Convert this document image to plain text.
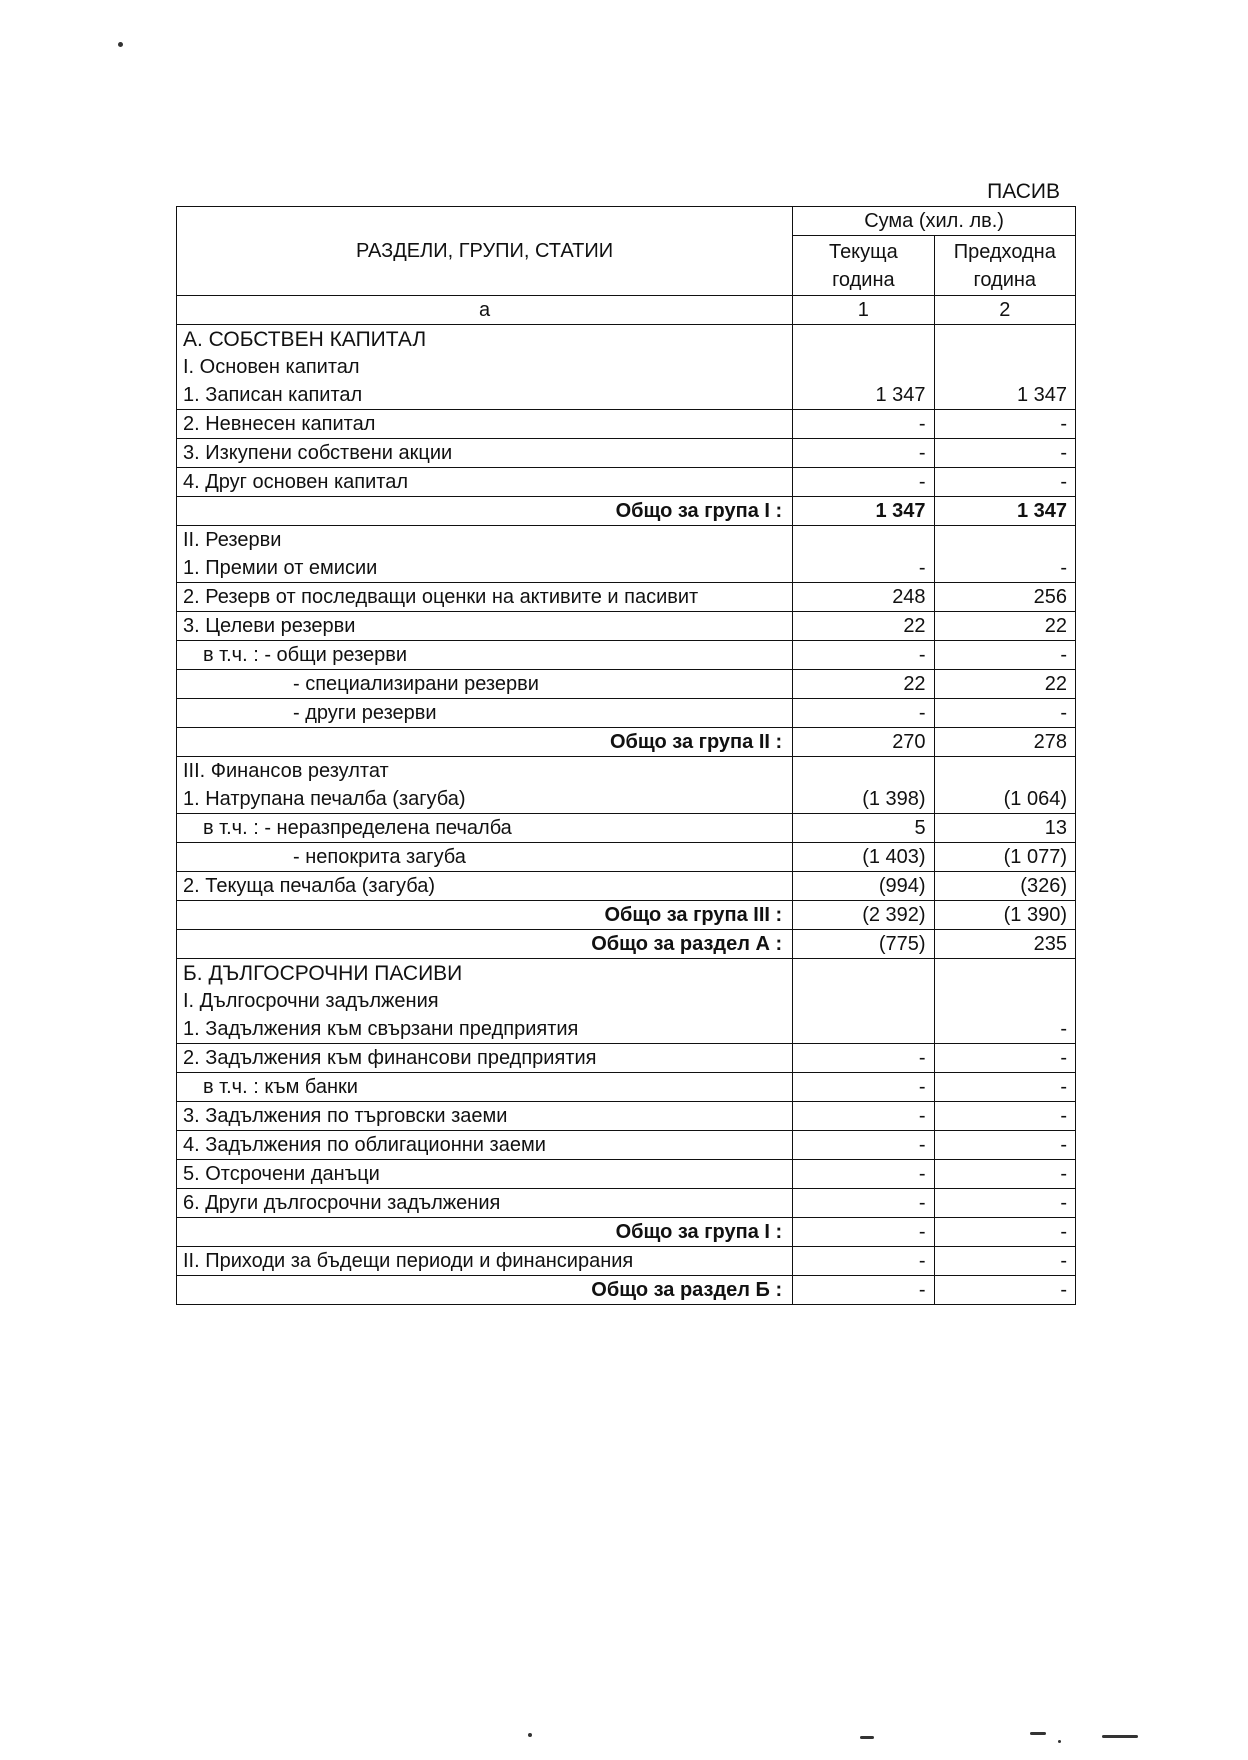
ПАСИВ
РАЗДЕЛИ, ГРУПИ, СТАТИИ	Сума (хил. лв.)	
	Текуща година	Предходна година
а	1	2
А. СОБСТВЕН КАПИТАЛ		
I. Основен капитал		
1. Записан капитал	1 347	1 347
2. Невнесен капитал	-	-
3. Изкупени собствени акции	-	-
4. Друг основен капитал	-	-
Общо за група I :	1 347	1 347
II. Резерви		
1. Премии от емисии	-	-
2. Резерв от последващи оценки на активите и пасивит	248	256
3. Целеви резерви	22	22
в т.ч. : - общи резерви	-	-
- специализирани резерви	22	22
- други резерви	-	-
Общо за група II :	270	278
III. Финансов резултат		
1. Натрупана печалба (загуба)	(1 398)	(1 064)
в т.ч. : - неразпределена печалба	5	13
- непокрита загуба	(1 403)	(1 077)
2. Текуща печалба (загуба)	(994)	(326)
Общо за група III :	(2 392)	(1 390)
Общо за раздел А :	(775)	235
Б. ДЪЛГОСРОЧНИ ПАСИВИ		
I. Дългосрочни задължения		
1. Задължения към свързани предприятия		-
2. Задължения към финансови предприятия	-	-
в т.ч. : към банки	-	-
3. Задължения по търговски заеми	-	-
4. Задължения по облигационни заеми	-	-
5. Отсрочени данъци	-	-
6. Други дългосрочни задължения	-	-
Общо за група I :	-	-
II. Приходи за бъдещи периоди и финансирания	-	-
Общо за раздел Б :	-	-
